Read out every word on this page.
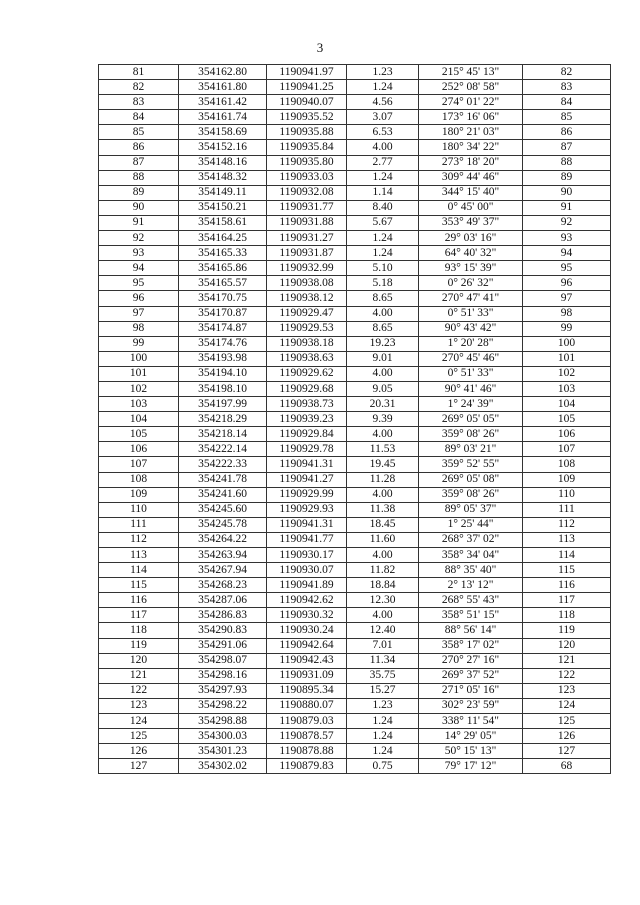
3
81	354162.80	1190941.97	1.23	215° 45' 13"	82
82	354161.80	1190941.25	1.24	252° 08' 58"	83
83	354161.42	1190940.07	4.56	274° 01' 22"	84
84	354161.74	1190935.52	3.07	173° 16' 06"	85
85	354158.69	1190935.88	6.53	180° 21' 03"	86
86	354152.16	1190935.84	4.00	180° 34' 22"	87
87	354148.16	1190935.80	2.77	273° 18' 20"	88
88	354148.32	1190933.03	1.24	309° 44' 46"	89
89	354149.11	1190932.08	1.14	344° 15' 40"	90
90	354150.21	1190931.77	8.40	0° 45' 00"	91
91	354158.61	1190931.88	5.67	353° 49' 37"	92
92	354164.25	1190931.27	1.24	29° 03' 16"	93
93	354165.33	1190931.87	1.24	64° 40' 32"	94
94	354165.86	1190932.99	5.10	93° 15' 39"	95
95	354165.57	1190938.08	5.18	0° 26' 32"	96
96	354170.75	1190938.12	8.65	270° 47' 41"	97
97	354170.87	1190929.47	4.00	0° 51' 33"	98
98	354174.87	1190929.53	8.65	90° 43' 42"	99
99	354174.76	1190938.18	19.23	1° 20' 28"	100
100	354193.98	1190938.63	9.01	270° 45' 46"	101
101	354194.10	1190929.62	4.00	0° 51' 33"	102
102	354198.10	1190929.68	9.05	90° 41' 46"	103
103	354197.99	1190938.73	20.31	1° 24' 39"	104
104	354218.29	1190939.23	9.39	269° 05' 05"	105
105	354218.14	1190929.84	4.00	359° 08' 26"	106
106	354222.14	1190929.78	11.53	89° 03' 21"	107
107	354222.33	1190941.31	19.45	359° 52' 55"	108
108	354241.78	1190941.27	11.28	269° 05' 08"	109
109	354241.60	1190929.99	4.00	359° 08' 26"	110
110	354245.60	1190929.93	11.38	89° 05' 37"	111
111	354245.78	1190941.31	18.45	1° 25' 44"	112
112	354264.22	1190941.77	11.60	268° 37' 02"	113
113	354263.94	1190930.17	4.00	358° 34' 04"	114
114	354267.94	1190930.07	11.82	88° 35' 40"	115
115	354268.23	1190941.89	18.84	2° 13' 12"	116
116	354287.06	1190942.62	12.30	268° 55' 43"	117
117	354286.83	1190930.32	4.00	358° 51' 15"	118
118	354290.83	1190930.24	12.40	88° 56' 14"	119
119	354291.06	1190942.64	7.01	358° 17' 02"	120
120	354298.07	1190942.43	11.34	270° 27' 16"	121
121	354298.16	1190931.09	35.75	269° 37' 52"	122
122	354297.93	1190895.34	15.27	271° 05' 16"	123
123	354298.22	1190880.07	1.23	302° 23' 59"	124
124	354298.88	1190879.03	1.24	338° 11' 54"	125
125	354300.03	1190878.57	1.24	14° 29' 05"	126
126	354301.23	1190878.88	1.24	50° 15' 13"	127
127	354302.02	1190879.83	0.75	79° 17' 12"	68
